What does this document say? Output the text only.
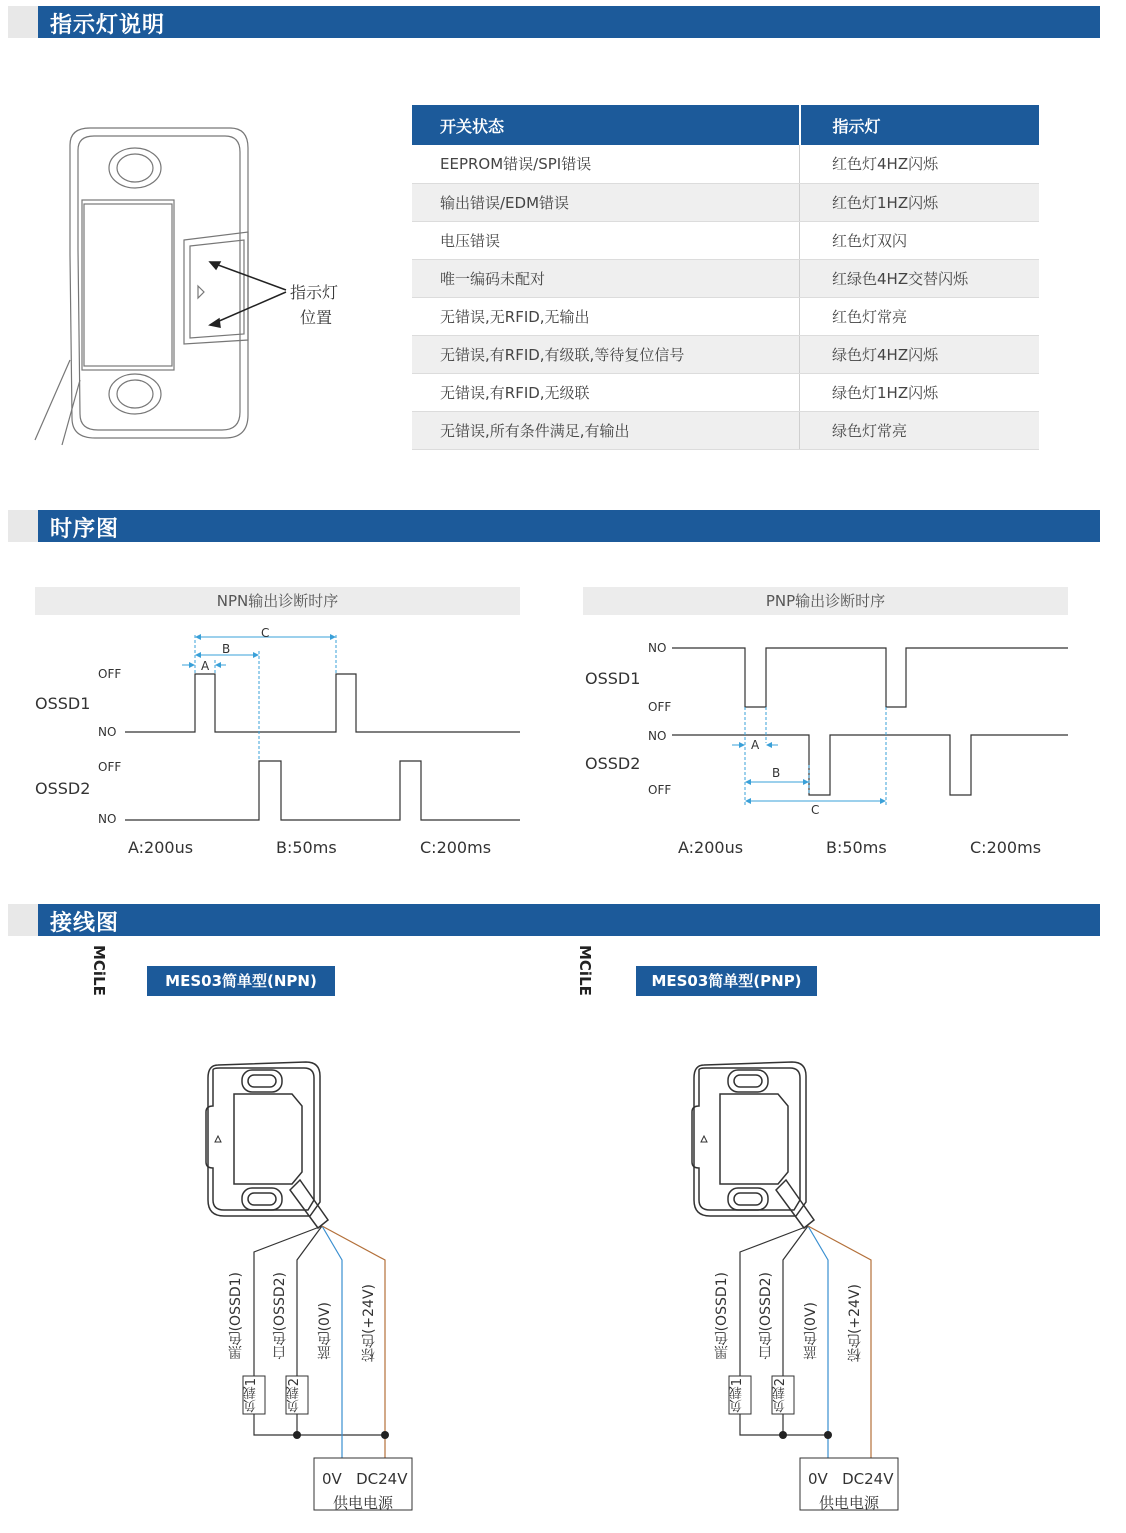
指示灯说明
时序图
接线图
开关状态	指示灯
EEPROM错误/SPI错误	红色灯4HZ闪烁
输出错误/EDM错误	红色灯1HZ闪烁
电压错误	红色灯双闪
唯一编码未配对	红绿色4HZ交替闪烁
无错误,无RFID,无输出	红色灯常亮
无错误,有RFID,有级联,等待复位信号	绿色灯4HZ闪烁
无错误,有RFID,无级联	绿色灯1HZ闪烁
无错误,所有条件满足,有输出	绿色灯常亮
指示灯
位置
NPN输出诊断时序
C
B
A
OFF
OSSD1
NO
OFF
OSSD2
NO
A:200us	B:50ms	C:200ms
PNP输出诊断时序
NO
OSSD1
OFF
NO
A
OSSD2	B
OFF
C
A:200us	B:50ms	C:200ms
MES03简单型(NPN)	MES03简单型(PNP)
MCiLE
负载1 负载2
黑色(OSSD1) 白色(OSSD2) 蓝色(0V) 棕色(+24V)
0V   DC24V
供电电源
MCiLE
负载1 负载2
黑色(OSSD1) 白色(OSSD2) 蓝色(0V) 棕色(+24V)
0V   DC24V
供电电源
